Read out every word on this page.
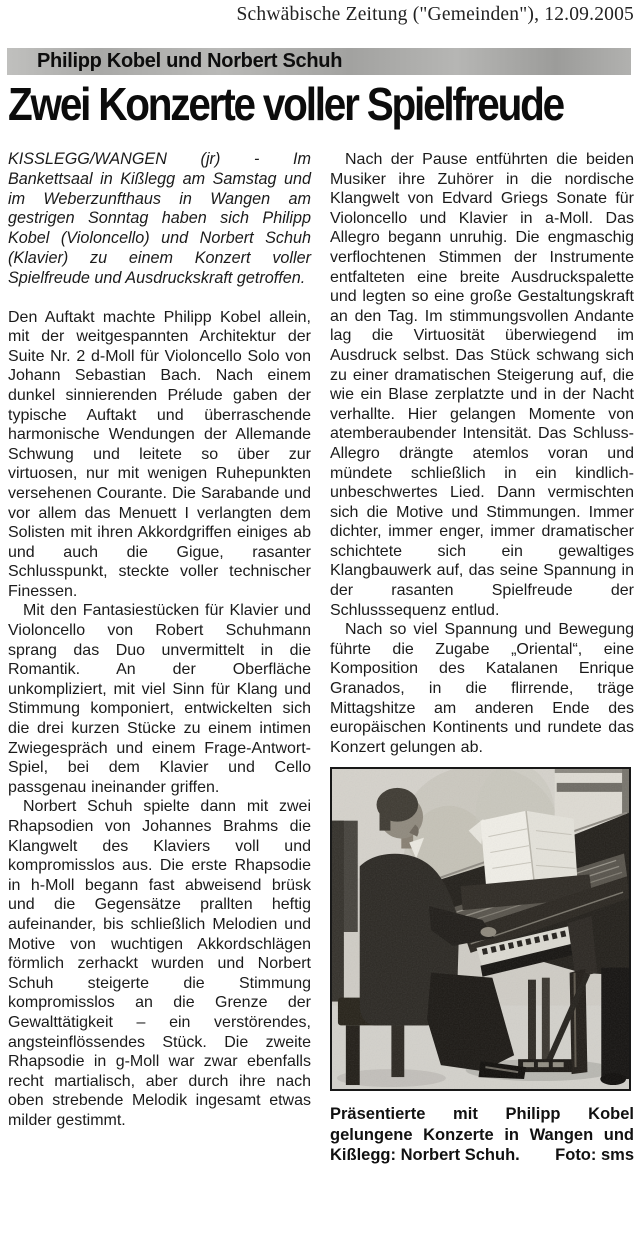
Schwäbische Zeitung ("Gemeinden"), 12.09.2005
Philipp Kobel und Norbert Schuh
Zwei Konzerte voller Spielfreude

KISSLEGG/WANGEN (jr) - Im Bankettsaal in Kißlegg am Samstag und im Weberzunfthaus in Wangen am gestrigen Sonntag haben sich Philipp Kobel (Violoncello) und Norbert Schuh (Klavier) zu einem Konzert voller Spielfreude und Ausdruckskraft getroffen.

Den Auftakt machte Philipp Kobel allein, mit der weitgespannten Architektur der Suite Nr. 2 d-Moll für Violoncello Solo von Johann Sebastian Bach. Nach einem dunkel sinnierenden Prélude gaben der typische Auftakt und überraschende harmonische Wendungen der Allemande Schwung und leitete so über zur virtuosen, nur mit wenigen Ruhepunkten versehenen Courante. Die Sarabande und vor allem das Menuett I verlangten dem Solisten mit ihren Akkordgriffen einiges ab und auch die Gigue, rasanter Schlusspunkt, steckte voller technischer Finessen.

Mit den Fantasiestücken für Klavier und Violoncello von Robert Schuhmann sprang das Duo unvermittelt in die Romantik. An der Oberfläche unkompliziert, mit viel Sinn für Klang und Stimmung komponiert, entwickelten sich die drei kurzen Stücke zu einem intimen Zwiegespräch und einem Frage-Antwort-Spiel, bei dem Klavier und Cello passgenau ineinander griffen.

Norbert Schuh spielte dann mit zwei Rhapsodien von Johannes Brahms die Klangwelt des Klaviers voll und kompromisslos aus. Die erste Rhapsodie in h-Moll begann fast abweisend brüsk und die Gegensätze prallten heftig aufeinander, bis schließlich Melodien und Motive von wuchtigen Akkordschlägen förmlich zerhackt wurden und Norbert Schuh steigerte die Stimmung kompromisslos an die Grenze der Gewalttätigkeit – ein verstörendes, angsteinflössendes Stück. Die zweite Rhapsodie in g-Moll war zwar ebenfalls recht martialisch, aber durch ihre nach oben strebende Melodik ingesamt etwas milder gestimmt.

Nach der Pause entführten die beiden Musiker ihre Zuhörer in die nordische Klangwelt von Edvard Griegs Sonate für Violoncello und Klavier in a-Moll. Das Allegro begann unruhig. Die engmaschig verflochtenen Stimmen der Instrumente entfalteten eine breite Ausdruckspalette und legten so eine große Gestaltungskraft an den Tag. Im stimmungsvollen Andante lag die Virtuosität überwiegend im Ausdruck selbst. Das Stück schwang sich zu einer dramatischen Steigerung auf, die wie ein Blase zerplatzte und in der Nacht verhallte. Hier gelangen Momente von atemberaubender Intensität. Das Schluss-Allegro drängte atemlos voran und mündete schließlich in ein kindlich-unbeschwertes Lied. Dann vermischten sich die Motive und Stimmungen. Immer dichter, immer enger, immer dramatischer schichtete sich ein gewaltiges Klangbauwerk auf, das seine Spannung in der rasanten Spielfreude der Schlusssequenz entlud.

Nach so viel Spannung und Bewegung führte die Zugabe „Oriental“, eine Komposition des Katalanen Enrique Granados, in die flirrende, träge Mittagshitze am anderen Ende des europäischen Kontinents und rundete das Konzert gelungen ab.

Präsentierte mit Philipp Kobel gelungene Konzerte in Wangen und Kißlegg: Norbert Schuh. Foto: sms
